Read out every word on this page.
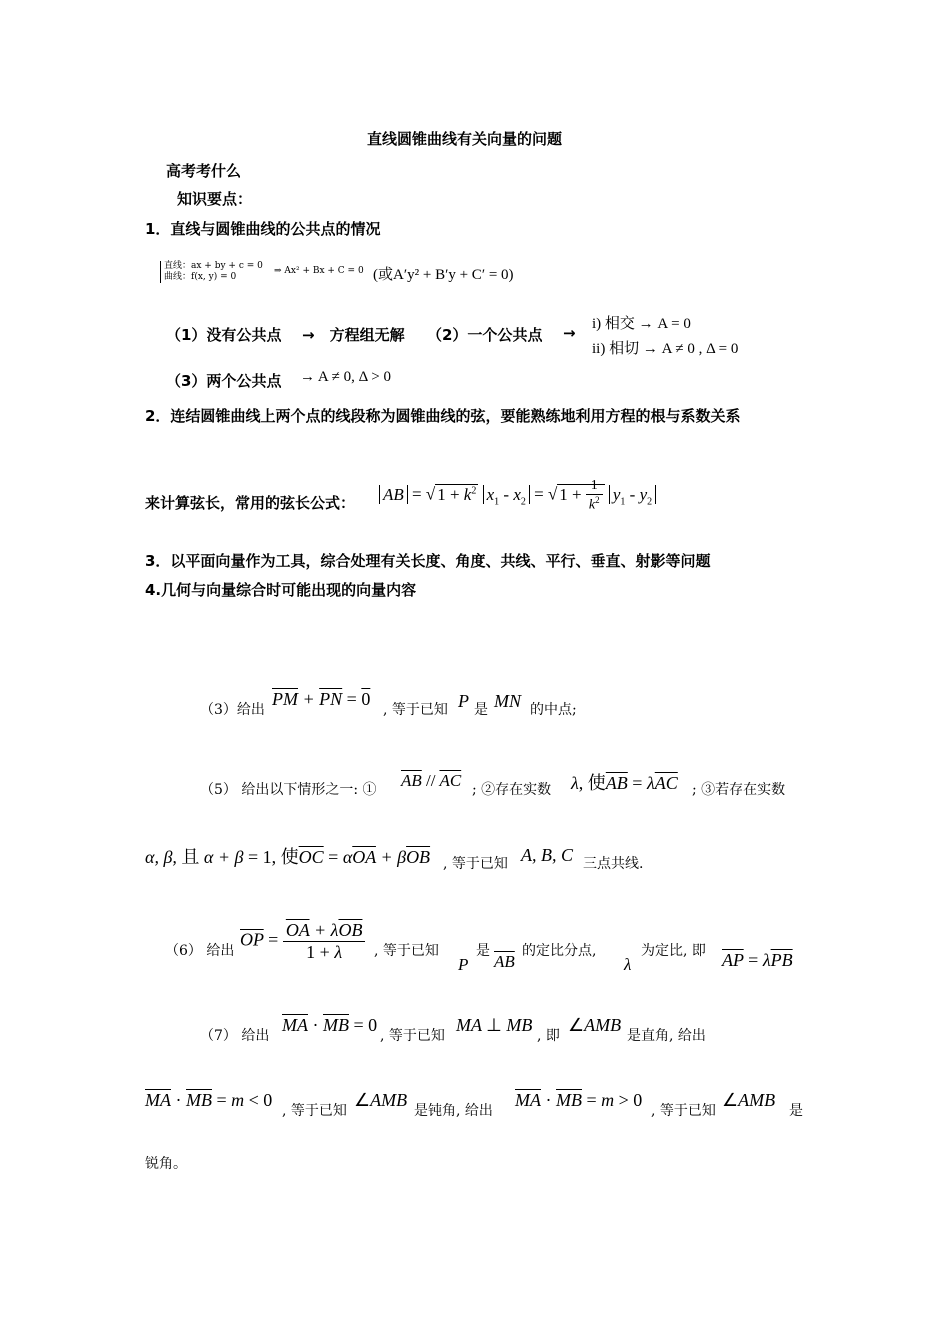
直线圆锥曲线有关向量的问题
高考考什么
知识要点：
1．直线与圆锥曲线的公共点的情况
直线：ax + by + c = 0
曲线：f(x, y) = 0
⇒ Ax² + Bx + C = 0 (或A′y² + B′y + C′ = 0)
（1）没有公共点 →　方程组无解 （2）一个公共点 → i) 相交 → A = 0
ii) 相切 → A ≠ 0 , Δ = 0
（3）两个公共点 → A ≠ 0, Δ > 0
2．连结圆锥曲线上两个点的线段称为圆锥曲线的弦，要能熟练地利用方程的根与系数关系
来计算弦长，常用的弦长公式： AB = √ $1 + k^2$ $x_1 - x_2$ = √ $1 + \frac{1}{k^2} y_1 - y_2$
3．以平面向量作为工具，综合处理有关长度、角度、共线、平行、垂直、射影等问题
4.几何与向量综合时可能出现的向量内容
（3）给出
$\overline{PM} + \overline{PN} = 0$
, 等于已知 P 是 MN 的中点;
（5） 给出以下情形之一: ① $\overline{AB} // \overline{AC}$ ; ②存在实数 λ, 使$\overline{AB} = \lambda\overline{AC}$ ; ③若存在实数
α, β, 且 α + β = 1, 使$\overline{OC} = \alpha\overline{OA} + \beta\overline{OB}$ , 等于已知 A, B, C 三点共线.
（6） 给出
$\overline{OP} = \frac{\overline{OA} + \lambda\overline{OB}}{1 + \lambda}$ , 等于已知
P
是
$\overline{AB}$
的定比分点,
λ
为定比, 即 $\overline{AP} = \lambda\overline{PB}$
（7） 给出
$\overline{MA} \cdot \overline{MB} = 0$
, 等于已知
MA ⊥ MB
, 即
∠AMB
是直角, 给出
$\overline{MA} \cdot \overline{MB} = m < 0$
, 等于已知
∠AMB
是钝角, 给出
$\overline{MA} \cdot \overline{MB} = m > 0$
, 等于已知
∠AMB
是
锐角。
